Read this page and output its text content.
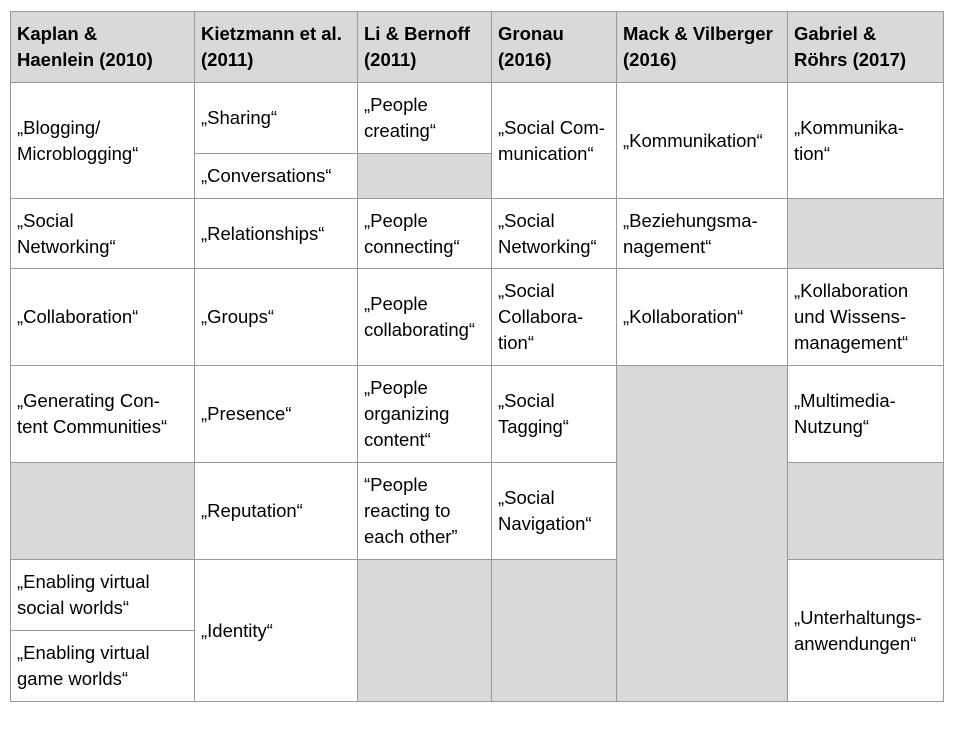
Kaplan &
Haenlein (2010)	Kietzmann et al.
(2011)	Li & Bernoff
(2011)	Gronau
(2016)	Mack & Vilberger
(2016)	Gabriel &
Röhrs (2017)

„Blogging/
Microblogging“	„Sharing“	„People
creating“	„Social Com-
munication“	„Kommunikation“	„Kommunika-
tion“

	„Conversations“				

„Social
Networking“	„Relationships“	„People
connecting“	„Social
Networking“	„Beziehungsma-
nagement“	

„Collaboration“	„Groups“	„People
collaborating“	„Social
Collabora-
tion“	„Kollaboration“	„Kollaboration
und Wissens-
management“

„Generating Con-
tent Communities“	„Presence“	„People
organizing
content“	„Social
Tagging“		„Multimedia-
Nutzung“

	„Reputation“	“People
reacting to
each other”	„Social
Navigation“		

„Enabling virtual
social worlds“	„Identity“				„Unterhaltungs-
anwendungen“

„Enabling virtual
game worlds“					
